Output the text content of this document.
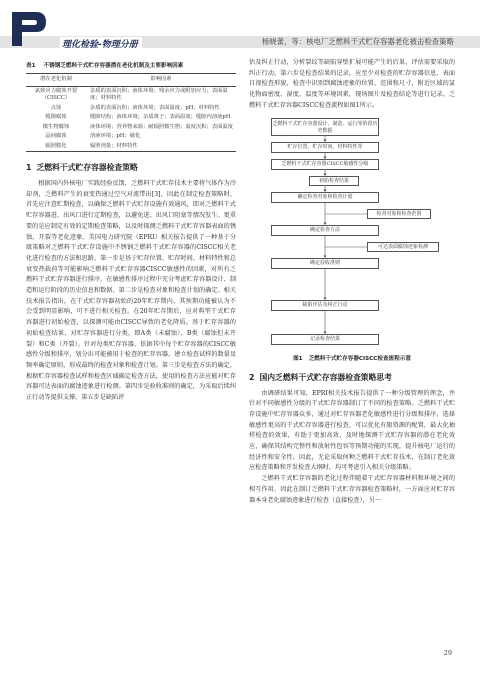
理化检验-物理分册	杨晓蕾，等：核电厂乏燃料干式贮存容器老化被击检查策略
表1 不锈钢乏燃料干式贮存容器潜在老化机制及主要影响因素
潜在老化机制	影响因素
氯致应力腐蚀开裂（CISCC）	杂质的表面沉积；液体环境；残余应力或附加应力；表面温度；材料特性
点蚀	杂质的表面沉积；液体环境；表面温度；pH；材料特性
缝隙腐蚀	缝隙结构；液体环境；杂质离子；表面温度；缝隙内溶液pH
微生物腐蚀	液体环境；营养物来源；耐辐照微生物；温度沉积；表面温度
晶间腐蚀	溶液环境；pH；敏化
辐照脆化	辐照剂量；材料特性
1 乏燃料干式贮存容器检查策略

根据国内外核电厂实践经验反馈，乏燃料干式贮存技术主要将气体作为冷却剂，乏燃料产生的衰变热通过空气对流带出[3]，因此在制定检查策略时，首先应注意贮期检查，以确保乏燃料干式贮存设施有效通风，即对乏燃料干式贮存容器进、出风口进行定期检查，以避免进、出风口阻塞等情况发生。更重要的是应制定有效的定期检查策略，以及时探测乏燃料干式贮存容器表面的锈蚀、开裂等老化迹象。美国电力研究院（EPRI）相关报告提供了一种基于分级策略对乏燃料干式贮存设施中不锈钢乏燃料干式贮存容器的CISCC相关老化进行检查的方法和思路。第一步是基于贮存位置、贮存时间、材料特性和总衰变热载荷等可能影响乏燃料干式贮存容器CISCC敏感性的因素，对所有乏燃料干式贮存容器进行排序。在敏感性排序过程中充分考虑贮存容器设计、制造和运行阶段的历史信息和数据。第二步是检查对象和检查计划的确定。相关技术报告指出，在干式贮存容器初始的20年贮存期内，其预期功能被认为不会受到明显影响，可不进行相关检查。在20年贮存期后，应对典型干式贮存容器进行初始检查，以探测可能由CISCC导致的老化降质。基于贮存容器的初始检查结果，对贮存容器进行分类，即A类（未腐蚀）、B类（腐蚀但未开裂）和C类（开裂）。针对每类贮存容器，依据其中每个贮存容器的CISCC敏感性分级和排序，划分出可能被用于检查的贮存容器，建立检查试样的数量及频率确定原则，形成最终的检查对象和检查计划。第三步是检查方法的确定，根据贮存容器检查试样和检查区域确定检查方法，使用的检查方法应能对贮存容器可达表面的腐蚀迹象进行检测。第四步是验收准则的确定，为采取后续纠正行动等提供支撑。第五步是缺陷评

估及纠正行动，分析裂纹等缺陷穿壁扩展可能产生的后果，评估需要采取的纠正行动。第六步是检查结果的记录，应至少对检查的贮存容器信息，表面目视检查形貌，检查中识别到腐蚀迹象的位置、范围和尺寸，附近区域的氯化物面密度、湿度、温度等环境因素，现场图片及检查结论等进行记录。乏燃料干式贮存容器CISCC检查流程如图1所示。

乏燃料干式贮存容器设计、制造、运行等阶段历史数据
贮存位置、贮存时间、材料特性等
乏燃料干式贮存容器CISCC敏感性分级
初始检查结果
确定检查对象和检查计划
检查对象和检查范围
确定检查方法
可达表面腐蚀迹象检测
确定验收准则
缺陷评估及纠正行动
记录检查结果
图1 乏燃料干式贮存容器CISCC检查流程示意
2 国内乏燃料干式贮存容器检查策略思考

由调研结果可知，EPRI相关技术报告提供了一种分级管理的理念，并针对不同敏感性分级的干式贮存容器制订了不同的检查策略。乏燃料干式贮存设施中贮存容器众多，通过对贮存容器老化敏感性进行分级和排序，选择敏感性更高的干式贮存容器进行检查，可以优化有限资源的配置，最大化抽样检查的效果，有助于更加高效、及时地探测干式贮存容器的潜在老化效应，确保其结构完整性和放射性包容等预期功能的实现，提升核电厂运行的经济性和安全性。因此，无论采取何种乏燃料干式贮存技术，在制订老化效应检查策略和开发检查大纲时，均可考虑引入相关分级策略。

乏燃料干式贮存容器的老化过程伴随着干式贮存容器材料和环境之间的相互作用，因此在制订乏燃料干式贮存容器检查策略时，一方面应对贮存容器本身老化腐蚀迹象进行检查（直接检查），另一

29
